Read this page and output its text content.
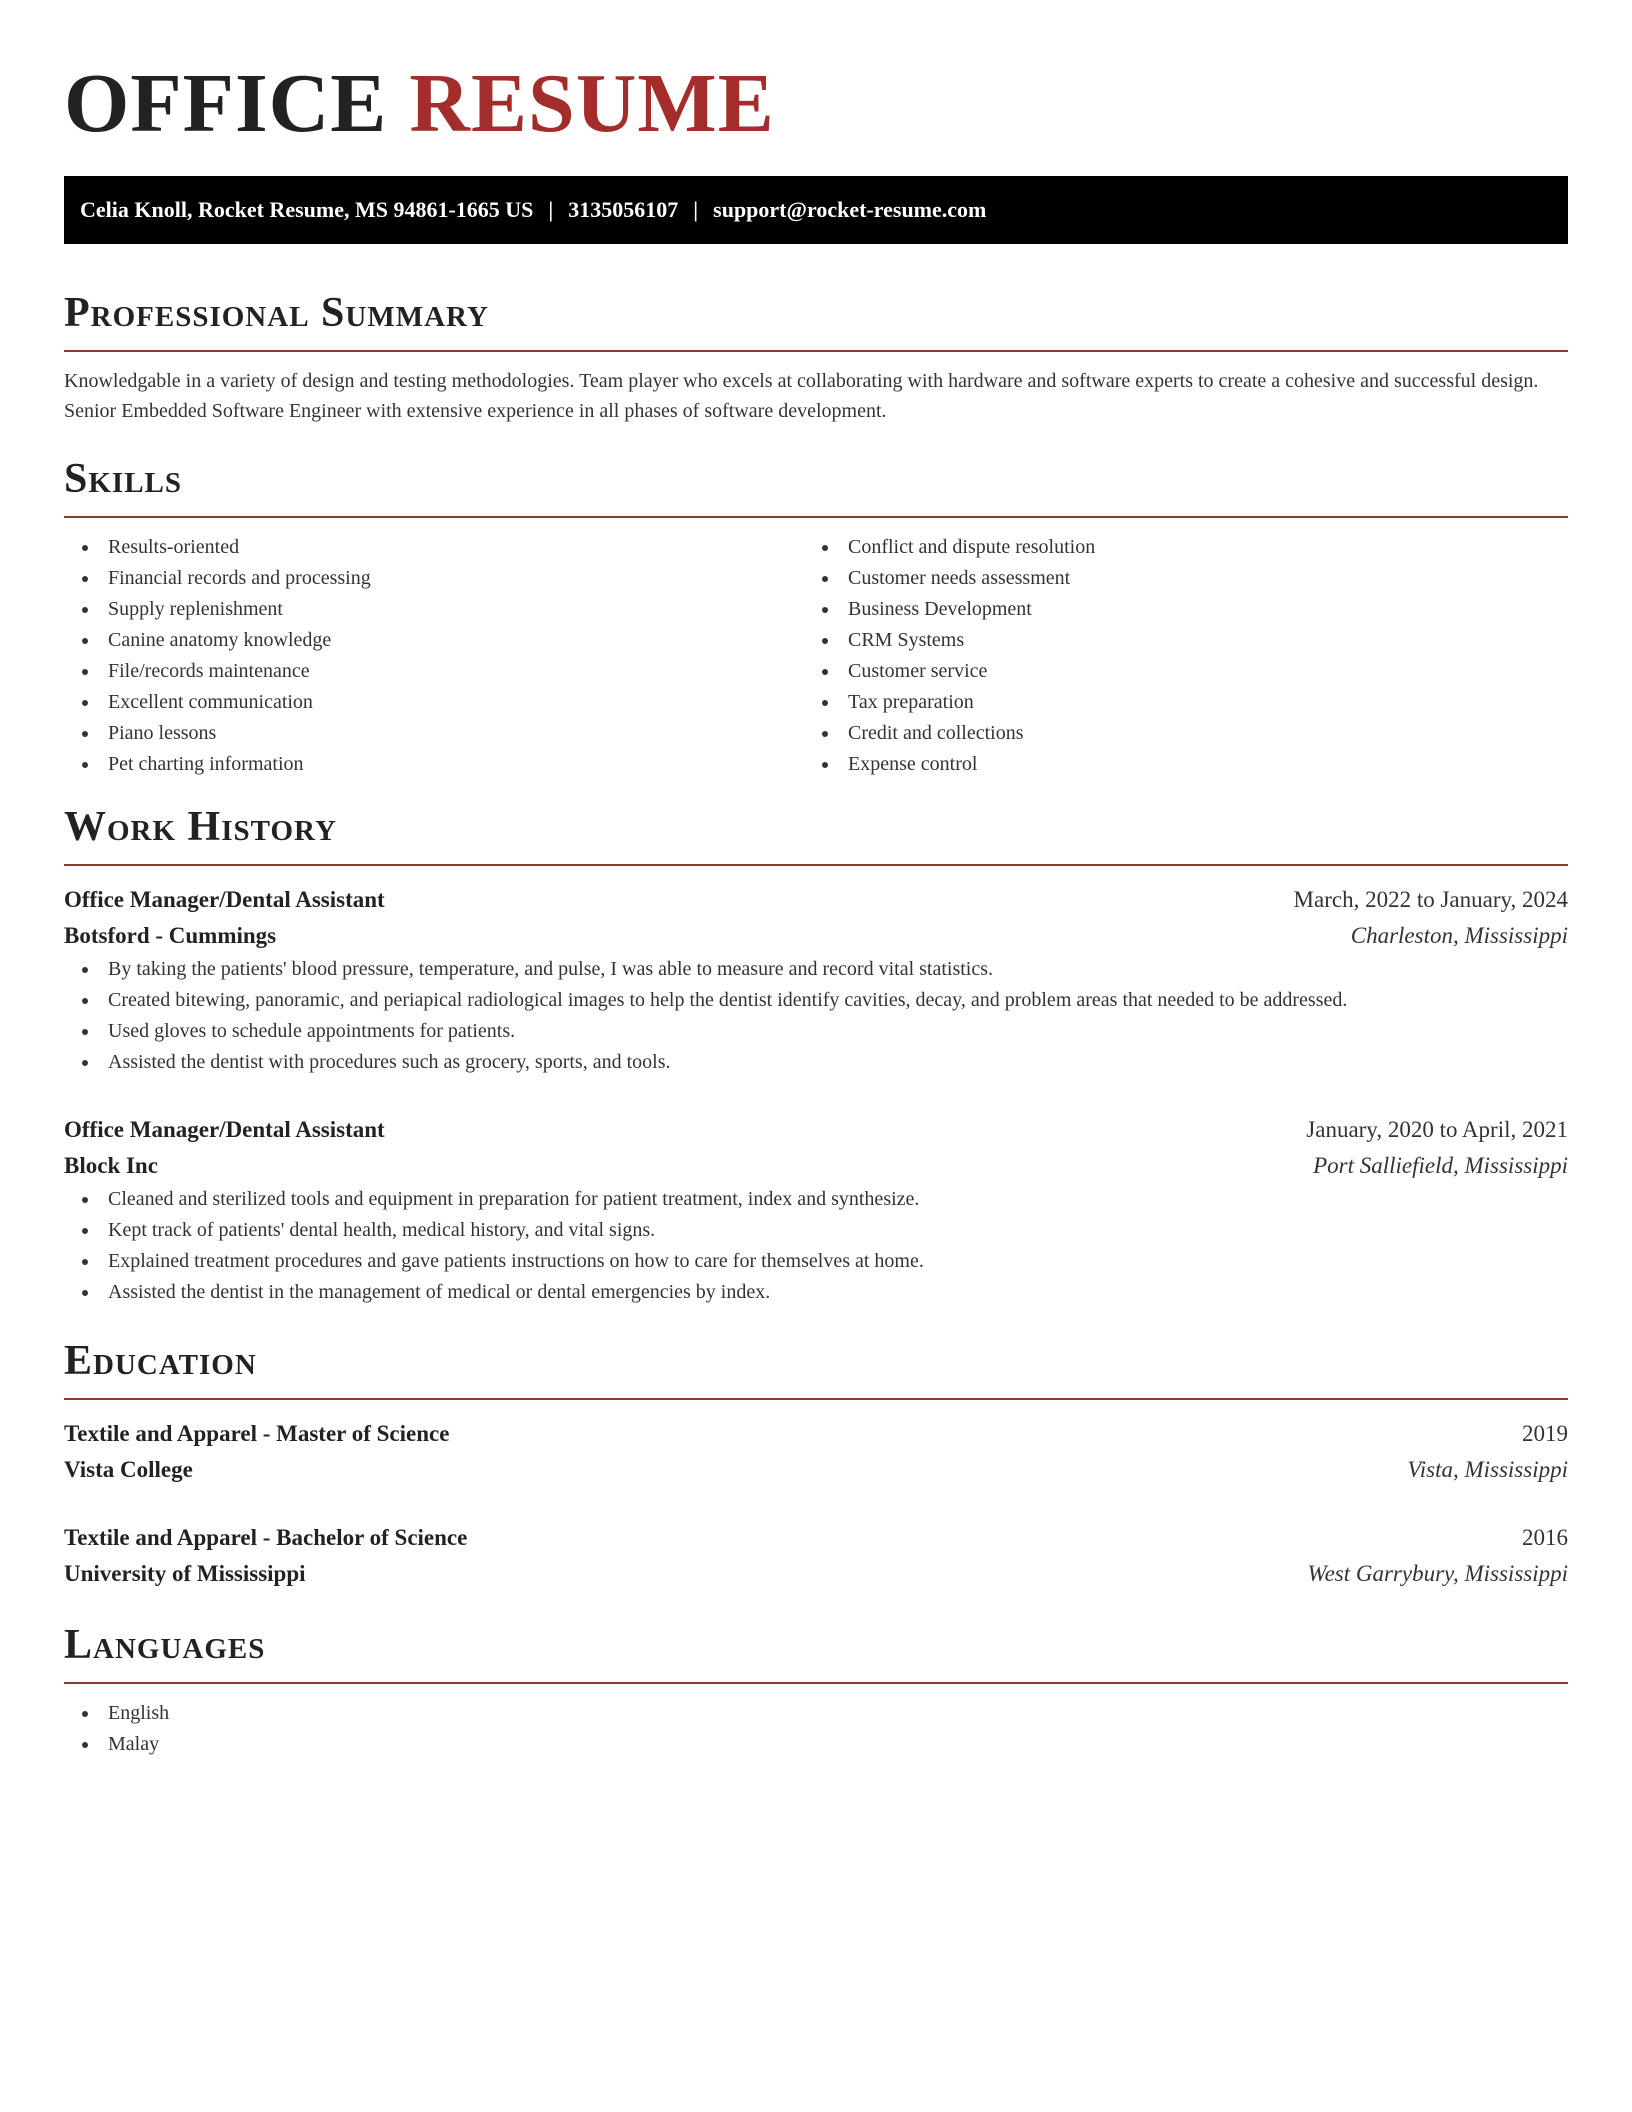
OFFICE RESUME
Celia Knoll, Rocket Resume, MS 94861-1665 US | 3135056107 | support@rocket-resume.com
Professional Summary

Knowledgable in a variety of design and testing methodologies. Team player who excels at collaborating with hardware and software experts to create a cohesive and successful design. Senior Embedded Software Engineer with extensive experience in all phases of software development.

Skills
Results-oriented
Financial records and processing
Supply replenishment
Canine anatomy knowledge
File/records maintenance
Excellent communication
Piano lessons
Pet charting information
Conflict and dispute resolution
Customer needs assessment
Business Development
CRM Systems
Customer service
Tax preparation
Credit and collections
Expense control
Work History
Office Manager/Dental Assistant	March, 2022 to January, 2024
Botsford - Cummings	Charleston, Mississippi
By taking the patients' blood pressure, temperature, and pulse, I was able to measure and record vital statistics.
Created bitewing, panoramic, and periapical radiological images to help the dentist identify cavities, decay, and problem areas that needed to be addressed.
Used gloves to schedule appointments for patients.
Assisted the dentist with procedures such as grocery, sports, and tools.
Office Manager/Dental Assistant	January, 2020 to April, 2021
Block Inc	Port Salliefield, Mississippi
Cleaned and sterilized tools and equipment in preparation for patient treatment, index and synthesize.
Kept track of patients' dental health, medical history, and vital signs.
Explained treatment procedures and gave patients instructions on how to care for themselves at home.
Assisted the dentist in the management of medical or dental emergencies by index.
Education
Textile and Apparel - Master of Science	2019
Vista College	Vista, Mississippi
Textile and Apparel - Bachelor of Science	2016
University of Mississippi	West Garrybury, Mississippi
Languages
English
Malay
